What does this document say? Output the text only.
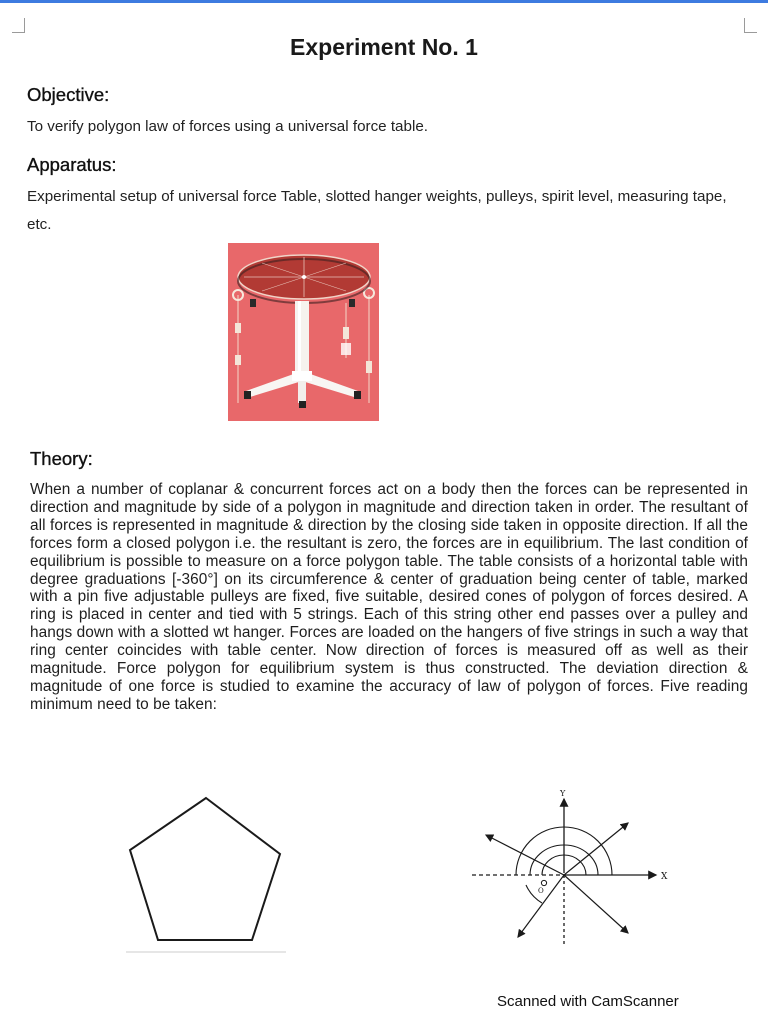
Experiment No. 1
Objective:
To verify polygon law of forces using a universal force table.
Apparatus:
Experimental setup of universal force Table, slotted hanger weights, pulleys, spirit level, measuring tape, etc.
Theory:

When a number of coplanar & concurrent forces act on a body then the forces can be represented in direction and magnitude by side of a polygon in magnitude and direction taken in order. The resultant of all forces is represented in magnitude & direction by the closing side taken in opposite direction. If all the forces form a closed polygon i.e. the resultant is zero, the forces are in equilibrium. The last condition of equilibrium is possible to measure on a force polygon table. The table consists of a horizontal table with degree graduations [-360°] on its circumference & center of graduation being center of table, marked with a pin five adjustable pulleys are fixed, five suitable, desired cones of polygon of forces desired. A ring is placed in center and tied with 5 strings. Each of this string other end passes over a pulley and hangs down with a slotted wt hanger. Forces are loaded on the hangers of five strings in such a way that ring center coincides with table center. Now direction of forces is measured off as well as their magnitude. Force polygon for equilibrium system is thus constructed. The deviation direction & magnitude of one force is studied to examine the accuracy of law of polygon of forces. Five reading minimum need to be taken:

Y
X
O
Scanned with CamScanner
